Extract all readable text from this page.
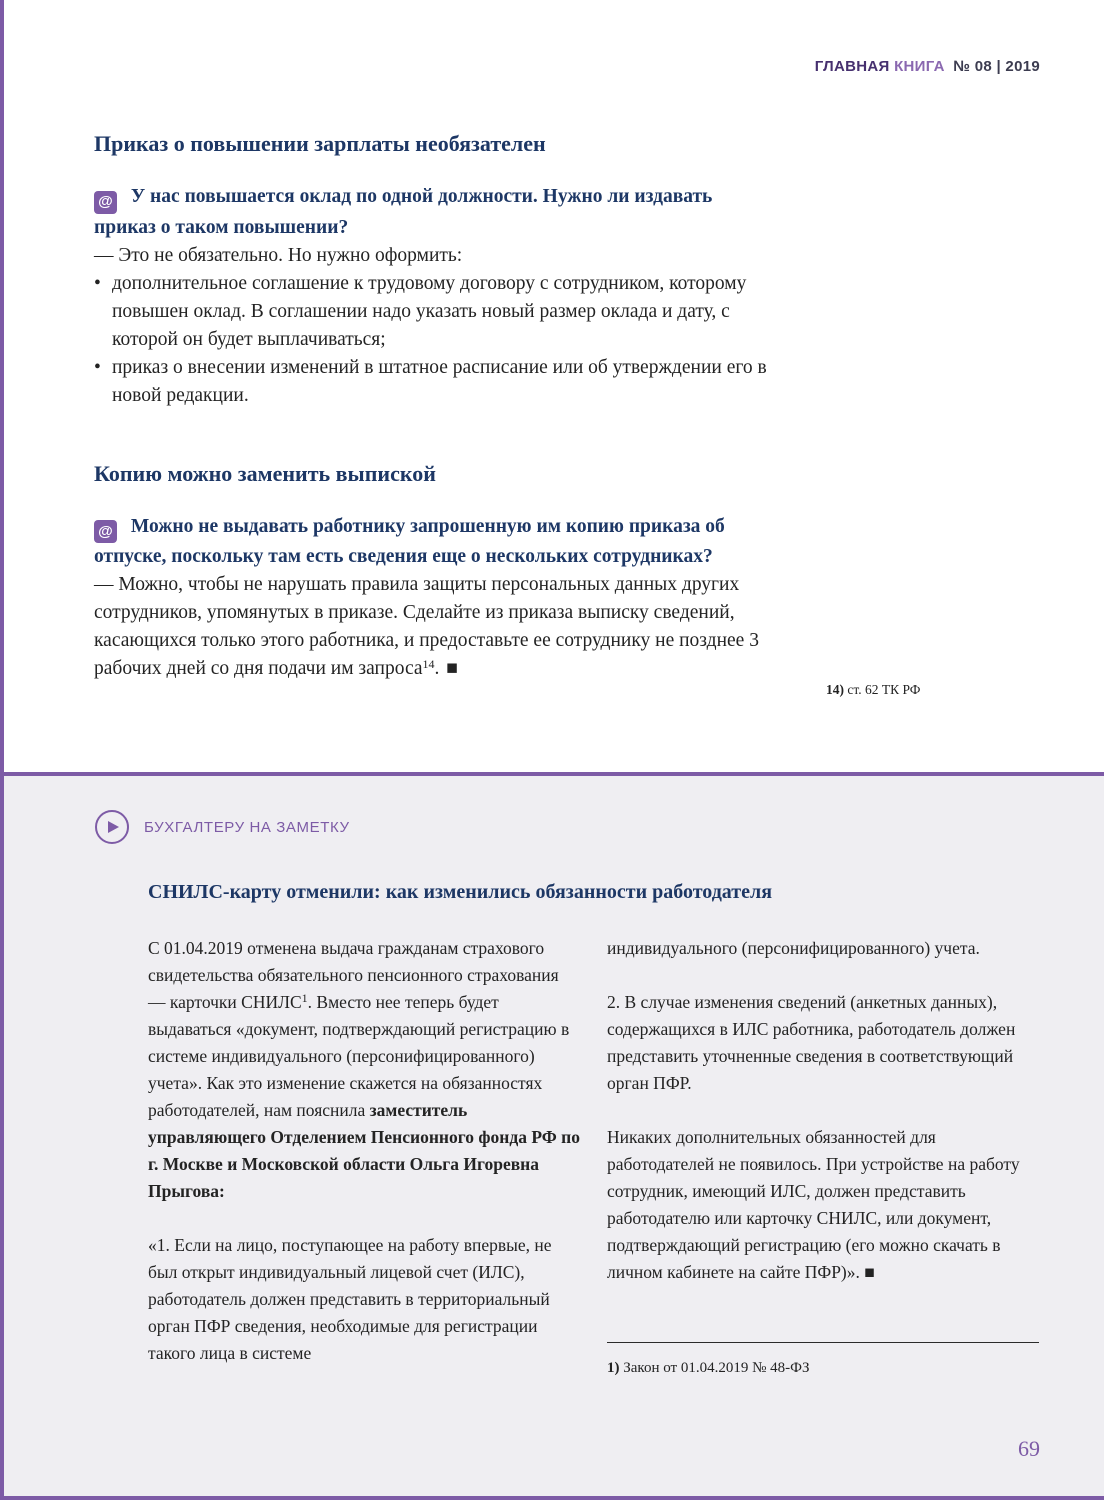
ГЛАВНАЯ КНИГА № 08 | 2019
Приказ о повышении зарплаты необязателен

@ У нас повышается оклад по одной должности. Нужно ли издавать приказ о таком повышении?

— Это не обязательно. Но нужно оформить:

• дополнительное соглашение к трудовому договору с сотрудником, которому повышен оклад. В соглашении надо указать новый размер оклада и дату, с которой он будет выплачиваться;
• приказ о внесении изменений в штатное расписание или об утверждении его в новой редакции.
Копию можно заменить выпиской

@ Можно не выдавать работнику запрошенную им копию приказа об отпуске, поскольку там есть сведения еще о нескольких сотрудниках?

— Можно, чтобы не нарушать правила защиты персональных данных других сотрудников, упомянутых в приказе. Сделайте из приказа выписку сведений, касающихся только этого работника, и предоставьте ее сотруднику не позднее 3 рабочих дней со дня подачи им запроса$^{14}$. ■

14) ст. 62 ТК РФ
БУХГАЛТЕРУ НА ЗАМЕТКУ
СНИЛС-карту отменили: как изменились обязанности работодателя

С 01.04.2019 отменена выдача гражданам страхового свидетельства обязательного пенсионного страхования — карточки СНИЛС$^1$. Вместо нее теперь будет выдаваться «документ, подтверждающий регистрацию в системе индивидуального (персонифицированного) учета». Как это изменение скажется на обязанностях работодателей, нам пояснила заместитель управляющего Отделением Пенсионного фонда РФ по г. Москве и Московской области Ольга Игоревна Прыгова:

«1. Если на лицо, поступающее на работу впервые, не был открыт индивидуальный лицевой счет (ИЛС), работодатель должен представить в территориальный орган ПФР сведения, необходимые для регистрации такого лица в системе

индивидуального (персонифицированного) учета.

2. В случае изменения сведений (анкетных данных), содержащихся в ИЛС работника, работодатель должен представить уточненные сведения в соответствующий орган ПФР.

Никаких дополнительных обязанностей для работодателей не появилось. При устройстве на работу сотрудник, имеющий ИЛС, должен представить работодателю или карточку СНИЛС, или документ, подтверждающий регистрацию (его можно скачать в личном кабинете на сайте ПФР)». ■

1) Закон от 01.04.2019 № 48-ФЗ
69
